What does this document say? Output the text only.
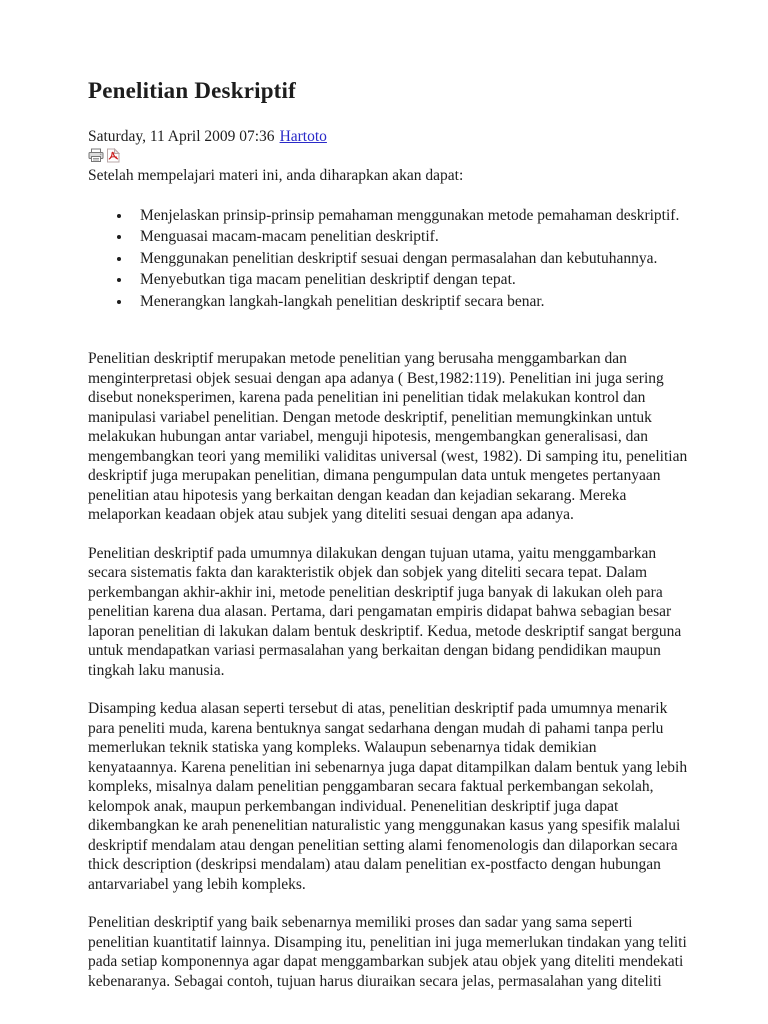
Penelitian Deskriptif

Saturday, 11 April 2009 07:36 Hartoto

Setelah mempelajari materi ini, anda diharapkan akan dapat:

• Menjelaskan prinsip-prinsip pemahaman menggunakan metode pemahaman deskriptif.
• Menguasai macam-macam penelitian deskriptif.
• Menggunakan penelitian deskriptif sesuai dengan permasalahan dan kebutuhannya.
• Menyebutkan tiga macam penelitian deskriptif dengan tepat.
• Menerangkan langkah-langkah penelitian deskriptif secara benar.

Penelitian deskriptif merupakan metode penelitian yang berusaha menggambarkan dan menginterpretasi objek sesuai dengan apa adanya ( Best,1982:119). Penelitian ini juga sering disebut noneksperimen, karena pada penelitian ini penelitian tidak melakukan kontrol dan manipulasi variabel penelitian. Dengan metode deskriptif, penelitian memungkinkan untuk melakukan hubungan antar variabel, menguji hipotesis, mengembangkan generalisasi, dan mengembangkan teori yang memiliki validitas universal (west, 1982). Di samping itu, penelitian deskriptif juga merupakan penelitian, dimana pengumpulan data untuk mengetes pertanyaan penelitian atau hipotesis yang berkaitan dengan keadan dan kejadian sekarang. Mereka melaporkan keadaan objek atau subjek yang diteliti sesuai dengan apa adanya.

Penelitian deskriptif pada umumnya dilakukan dengan tujuan utama, yaitu menggambarkan secara sistematis fakta dan karakteristik objek dan sobjek yang diteliti secara tepat. Dalam perkembangan akhir-akhir ini, metode penelitian deskriptif juga banyak di lakukan oleh para penelitian karena dua alasan. Pertama, dari pengamatan empiris didapat bahwa sebagian besar laporan penelitian di lakukan dalam bentuk deskriptif. Kedua, metode deskriptif sangat berguna untuk mendapatkan variasi permasalahan yang berkaitan dengan bidang pendidikan maupun tingkah laku manusia.

Disamping kedua alasan seperti tersebut di atas, penelitian deskriptif pada umumnya menarik para peneliti muda, karena bentuknya sangat sedarhana dengan mudah di pahami tanpa perlu memerlukan teknik statiska yang kompleks. Walaupun sebenarnya tidak demikian kenyataannya. Karena penelitian ini sebenarnya juga dapat ditampilkan dalam bentuk yang lebih kompleks, misalnya dalam penelitian penggambaran secara faktual perkembangan sekolah, kelompok anak, maupun perkembangan individual. Penenelitian deskriptif juga dapat dikembangkan ke arah penenelitian naturalistic yang menggunakan kasus yang spesifik malalui deskriptif mendalam atau dengan penelitian setting alami fenomenologis dan dilaporkan secara thick description (deskripsi mendalam) atau dalam penelitian ex-postfacto dengan hubungan antarvariabel yang lebih kompleks.

Penelitian deskriptif yang baik sebenarnya memiliki proses dan sadar yang sama seperti penelitian kuantitatif lainnya. Disamping itu, penelitian ini juga memerlukan tindakan yang teliti pada setiap komponennya agar dapat menggambarkan subjek atau objek yang diteliti mendekati kebenaranya. Sebagai contoh, tujuan harus diuraikan secara jelas, permasalahan yang diteliti
